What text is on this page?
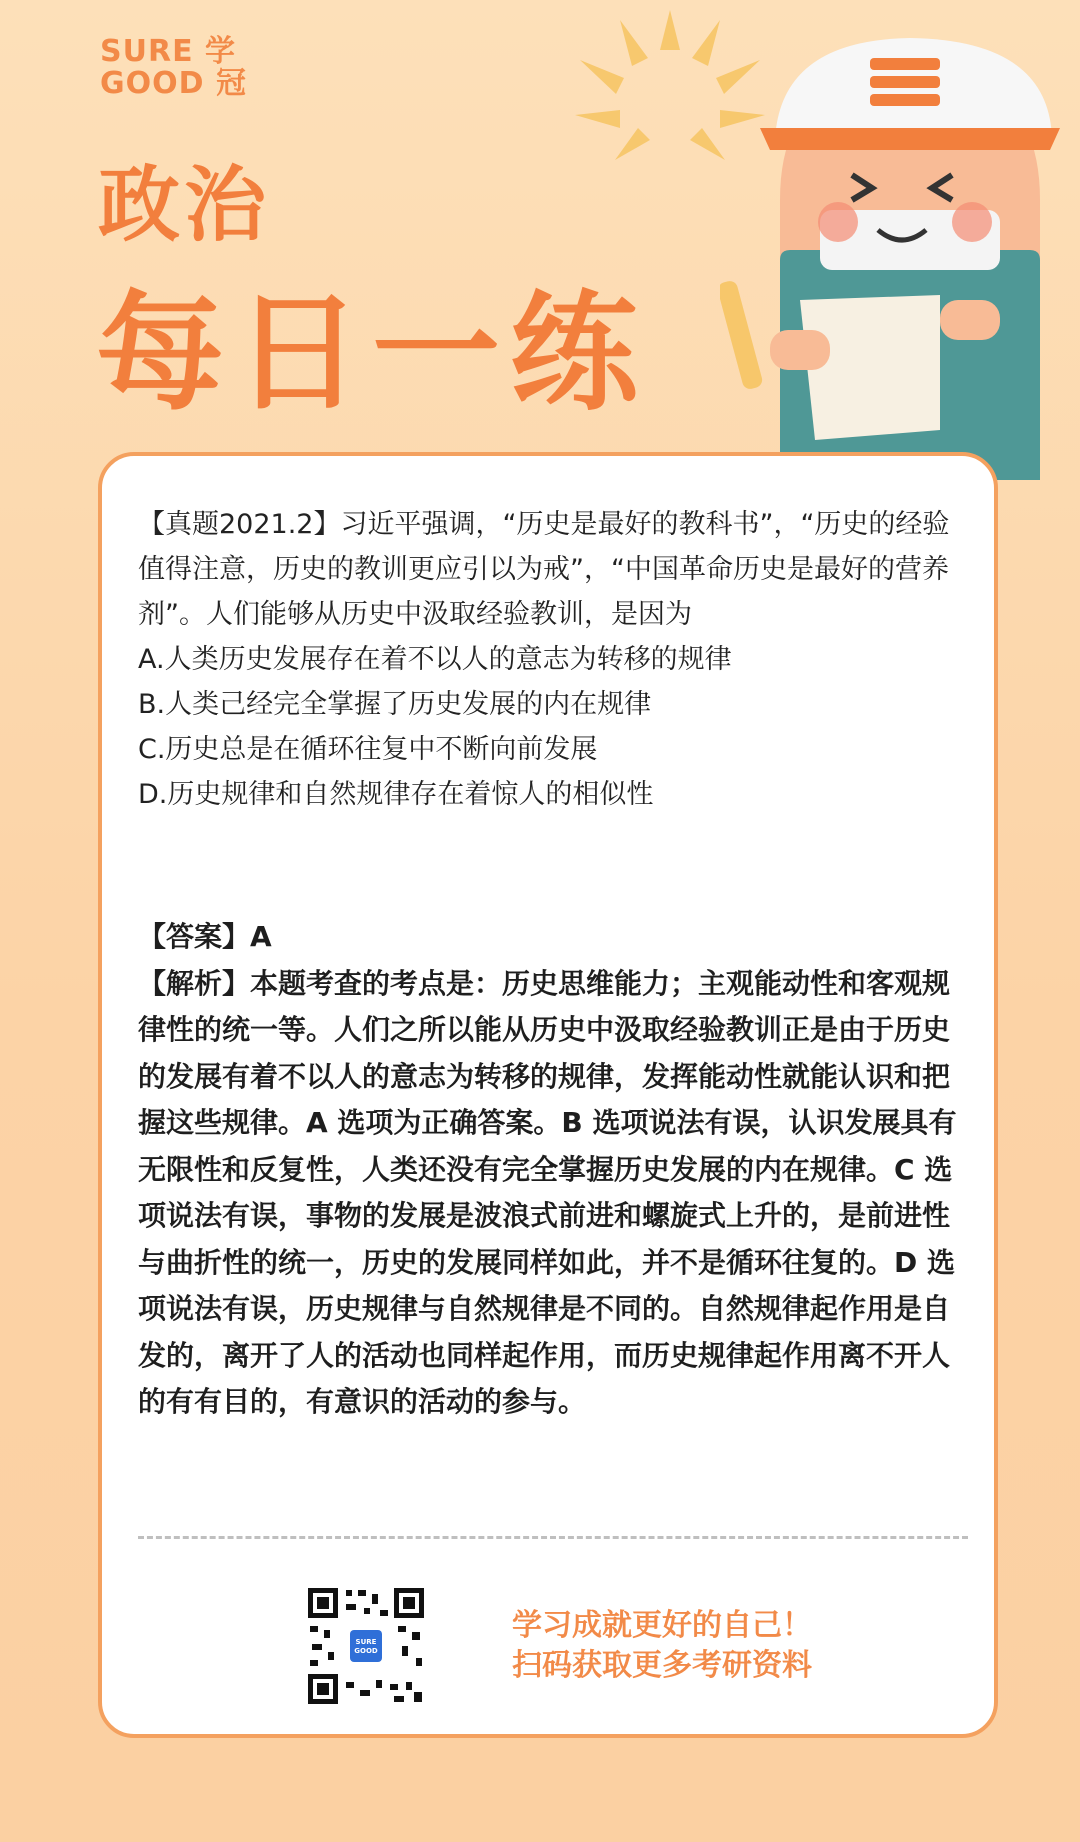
SURE 学
GOOD 冠
政治
每日一练

【真题2021.2】习近平强调，“历史是最好的教科书”，“历史的经验值得注意，历史的教训更应引以为戒”，“中国革命历史是最好的营养剂”。人们能够从历史中汲取经验教训，是因为

A.人类历史发展存在着不以人的意志为转移的规律

B.人类己经完全掌握了历史发展的内在规律

C.历史总是在循环往复中不断向前发展

D.历史规律和自然规律存在着惊人的相似性

【答案】A

【解析】本题考查的考点是：历史思维能力；主观能动性和客观规律性的统一等。人们之所以能从历史中汲取经验教训正是由于历史的发展有着不以人的意志为转移的规律，发挥能动性就能认识和把握这些规律。A 选项为正确答案。B 选项说法有误，认识发展具有无限性和反复性，人类还没有完全掌握历史发展的内在规律。C 选项说法有误，事物的发展是波浪式前进和螺旋式上升的，是前进性与曲折性的统一，历史的发展同样如此，并不是循环往复的。D 选项说法有误，历史规律与自然规律是不同的。自然规律起作用是自发的，离开了人的活动也同样起作用，而历史规律起作用离不开人的有有目的，有意识的活动的参与。

SURE
GOOD
学习成就更好的自己！
扫码获取更多考研资料
